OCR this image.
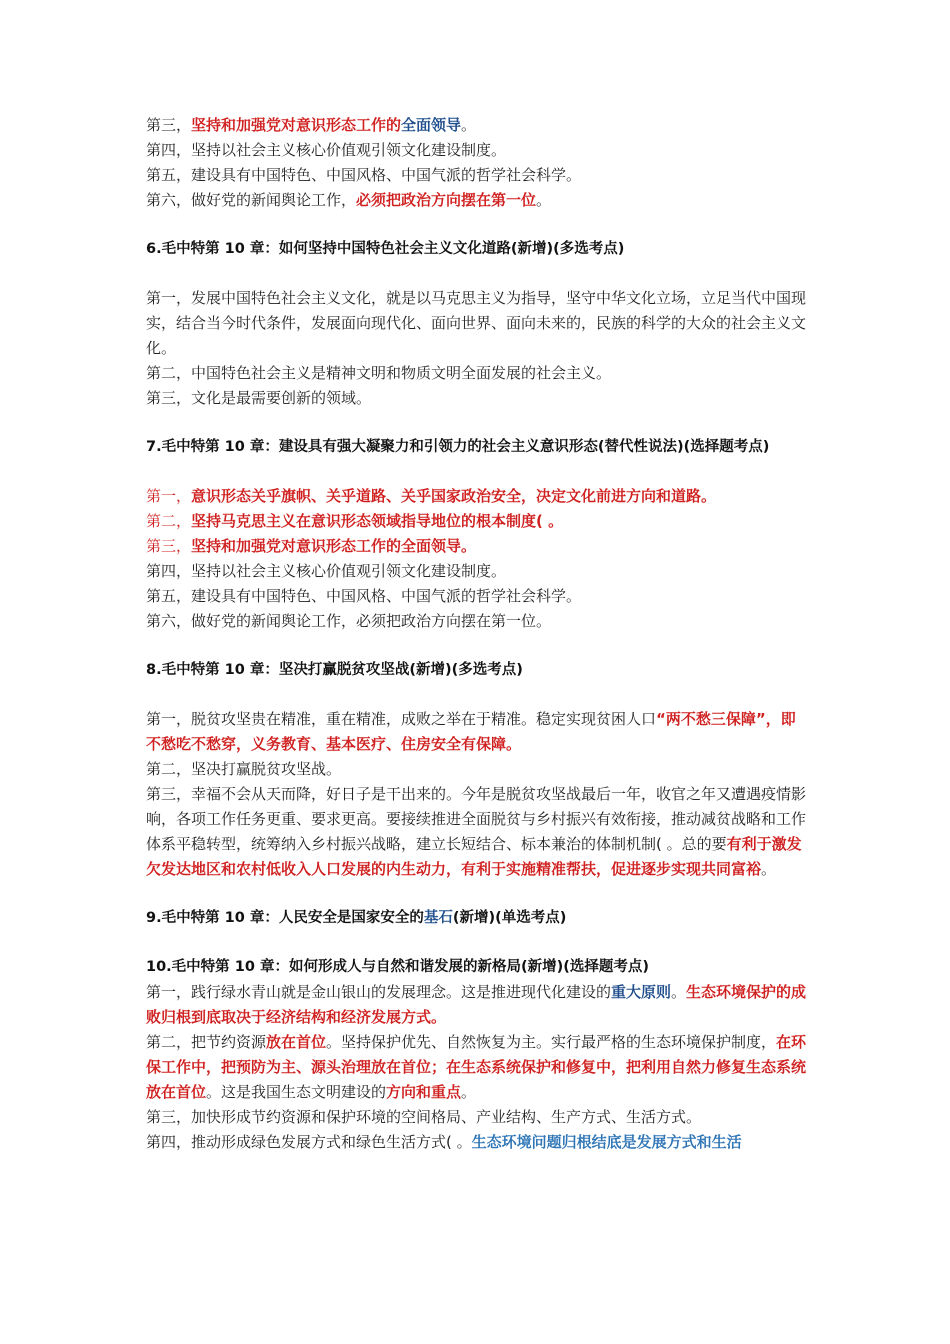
第三，坚持和加强党对意识形态工作的全面领导。

第四，坚持以社会主义核心价值观引领文化建设制度。

第五，建设具有中国特色、中国风格、中国气派的哲学社会科学。

第六，做好党的新闻舆论工作，必须把政治方向摆在第一位。

6.毛中特第 10 章：如何坚持中国特色社会主义文化道路(新增)(多选考点)

第一，发展中国特色社会主义文化，就是以马克思主义为指导，坚守中华文化立场，立足当代中国现实，结合当今时代条件，发展面向现代化、面向世界、面向未来的，民族的科学的大众的社会主义文化。

第二，中国特色社会主义是精神文明和物质文明全面发展的社会主义。

第三，文化是最需要创新的领域。

7.毛中特第 10 章：建设具有强大凝聚力和引领力的社会主义意识形态(替代性说法)(选择题考点)

第一，意识形态关乎旗帜、关乎道路、关乎国家政治安全，决定文化前进方向和道路。

第二，坚持马克思主义在意识形态领域指导地位的根本制度( 。

第三，坚持和加强党对意识形态工作的全面领导。

第四，坚持以社会主义核心价值观引领文化建设制度。

第五，建设具有中国特色、中国风格、中国气派的哲学社会科学。

第六，做好党的新闻舆论工作，必须把政治方向摆在第一位。

8.毛中特第 10 章：坚决打赢脱贫攻坚战(新增)(多选考点)

第一，脱贫攻坚贵在精准，重在精准，成败之举在于精准。稳定实现贫困人口“两不愁三保障”，即不愁吃不愁穿，义务教育、基本医疗、住房安全有保障。

第二，坚决打赢脱贫攻坚战。

第三，幸福不会从天而降，好日子是干出来的。今年是脱贫攻坚战最后一年，收官之年又遭遇疫情影响，各项工作任务更重、要求更高。要接续推进全面脱贫与乡村振兴有效衔接，推动减贫战略和工作体系平稳转型，统筹纳入乡村振兴战略，建立长短结合、标本兼治的体制机制( 。总的要有利于激发欠发达地区和农村低收入人口发展的内生动力，有利于实施精准帮扶，促进逐步实现共同富裕。

9.毛中特第 10 章：人民安全是国家安全的基石(新增)(单选考点)

10.毛中特第 10 章：如何形成人与自然和谐发展的新格局(新增)(选择题考点)

第一，践行绿水青山就是金山银山的发展理念。这是推进现代化建设的重大原则。生态环境保护的成败归根到底取决于经济结构和经济发展方式。

第二，把节约资源放在首位。坚持保护优先、自然恢复为主。实行最严格的生态环境保护制度，在环保工作中，把预防为主、源头治理放在首位；在生态系统保护和修复中，把利用自然力修复生态系统放在首位。这是我国生态文明建设的方向和重点。

第三，加快形成节约资源和保护环境的空间格局、产业结构、生产方式、生活方式。

第四，推动形成绿色发展方式和绿色生活方式( 。生态环境问题归根结底是发展方式和生活
